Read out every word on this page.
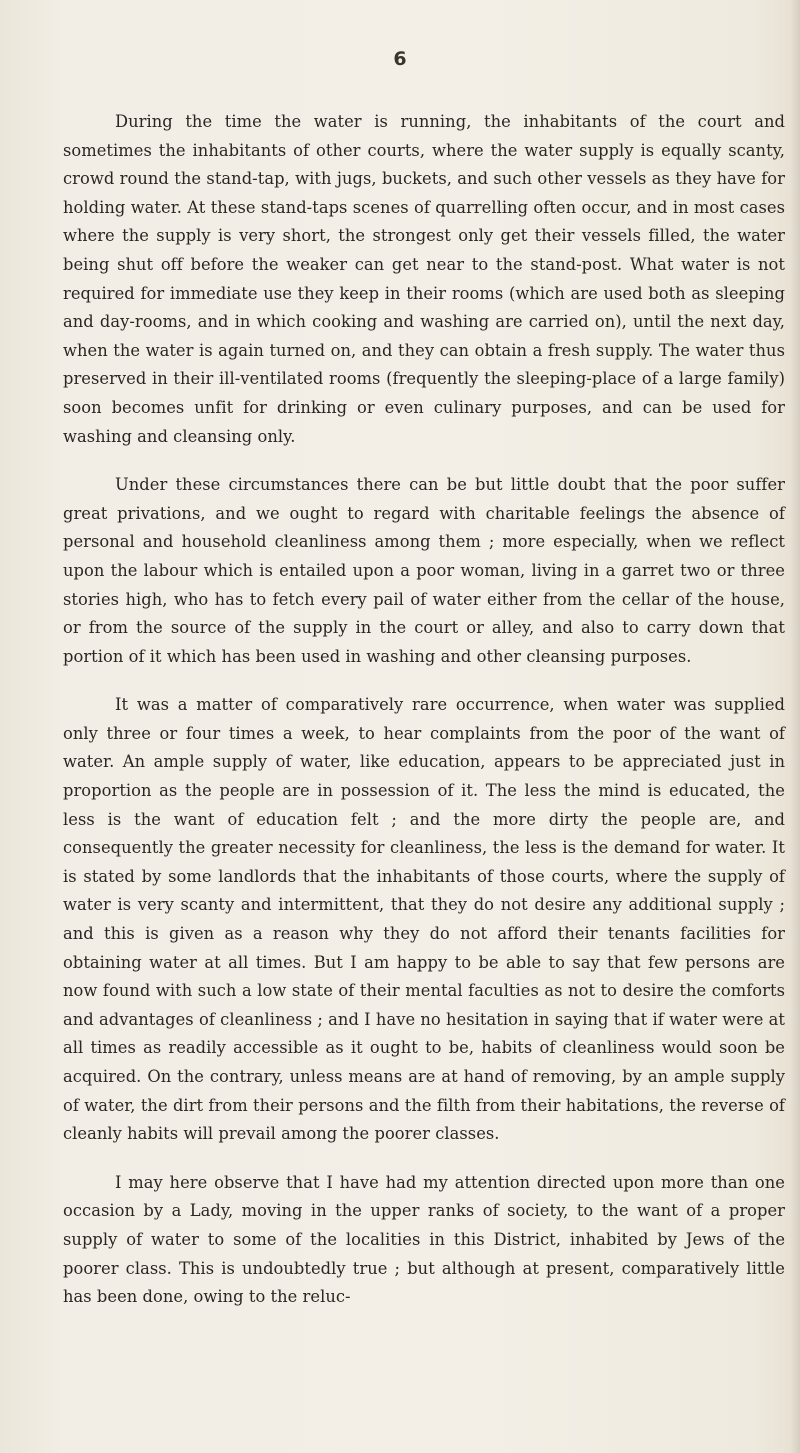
6

During the time the water is running, the inhabitants of the court and sometimes the inhabitants of other courts, where the water supply is equally scanty, crowd round the stand-tap, with jugs, buckets, and such other vessels as they have for holding water. At these stand-taps scenes of quarrelling often occur, and in most cases where the supply is very short, the strongest only get their vessels filled, the water being shut off before the weaker can get near to the stand-post. What water is not required for immediate use they keep in their rooms (which are used both as sleeping and day-rooms, and in which cooking and washing are carried on), until the next day, when the water is again turned on, and they can obtain a fresh supply. The water thus preserved in their ill-ventilated rooms (frequently the sleeping-place of a large family) soon becomes unfit for drinking or even culinary purposes, and can be used for washing and cleansing only.

Under these circumstances there can be but little doubt that the poor suffer great privations, and we ought to regard with charitable feelings the absence of personal and household cleanliness among them ; more especially, when we reflect upon the labour which is entailed upon a poor woman, living in a garret two or three stories high, who has to fetch every pail of water either from the cellar of the house, or from the source of the supply in the court or alley, and also to carry down that portion of it which has been used in washing and other cleansing purposes.

It was a matter of comparatively rare occurrence, when water was supplied only three or four times a week, to hear complaints from the poor of the want of water. An ample supply of water, like education, appears to be appreciated just in proportion as the people are in possession of it. The less the mind is educated, the less is the want of education felt ; and the more dirty the people are, and consequently the greater necessity for cleanliness, the less is the demand for water. It is stated by some landlords that the inhabitants of those courts, where the supply of water is very scanty and intermittent, that they do not desire any additional supply ; and this is given as a reason why they do not afford their tenants facilities for obtaining water at all times. But I am happy to be able to say that few persons are now found with such a low state of their mental faculties as not to desire the comforts and advantages of cleanliness ; and I have no hesitation in saying that if water were at all times as readily accessible as it ought to be, habits of cleanliness would soon be acquired. On the contrary, unless means are at hand of removing, by an ample supply of water, the dirt from their persons and the filth from their habitations, the reverse of cleanly habits will prevail among the poorer classes.

I may here observe that I have had my attention directed upon more than one occasion by a Lady, moving in the upper ranks of society, to the want of a proper supply of water to some of the localities in this District, inhabited by Jews of the poorer class. This is undoubtedly true ; but although at present, comparatively little has been done, owing to the reluc-
